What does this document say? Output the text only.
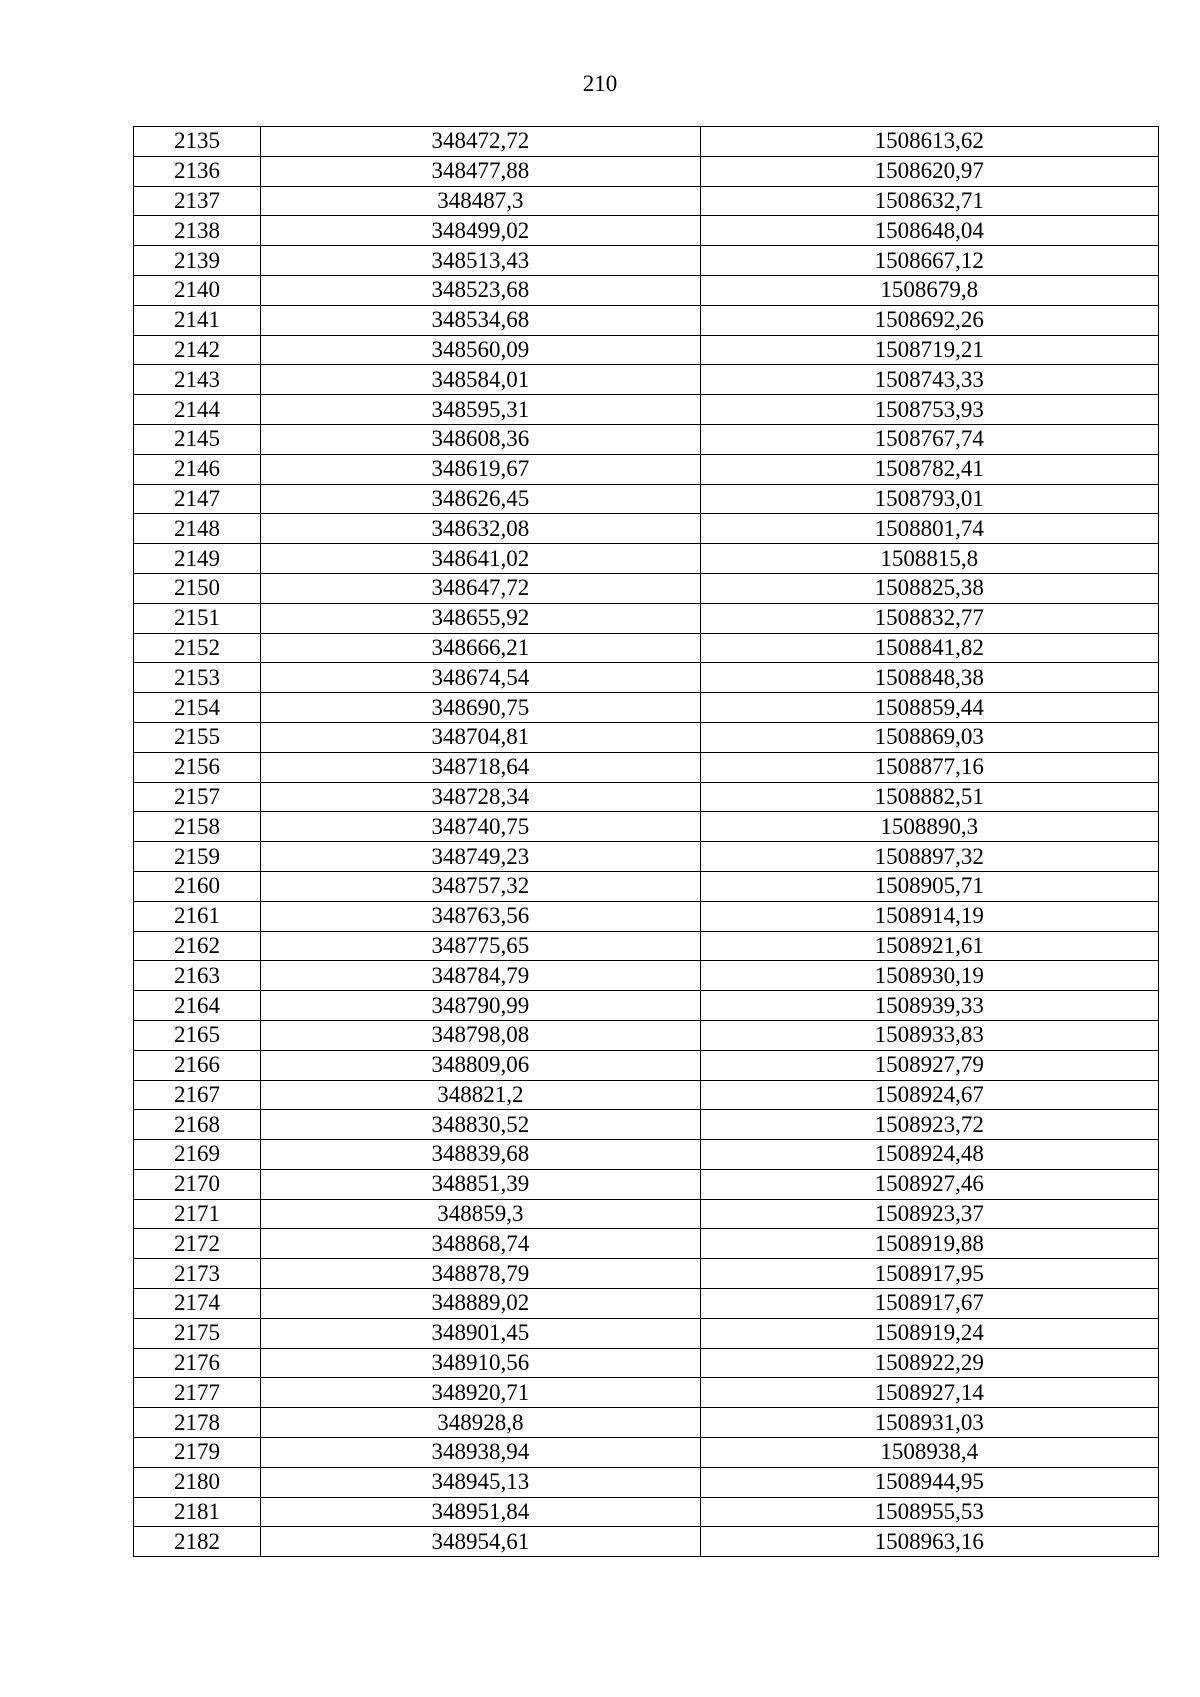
210
2135	348472,72	1508613,62
2136	348477,88	1508620,97
2137	348487,3	1508632,71
2138	348499,02	1508648,04
2139	348513,43	1508667,12
2140	348523,68	1508679,8
2141	348534,68	1508692,26
2142	348560,09	1508719,21
2143	348584,01	1508743,33
2144	348595,31	1508753,93
2145	348608,36	1508767,74
2146	348619,67	1508782,41
2147	348626,45	1508793,01
2148	348632,08	1508801,74
2149	348641,02	1508815,8
2150	348647,72	1508825,38
2151	348655,92	1508832,77
2152	348666,21	1508841,82
2153	348674,54	1508848,38
2154	348690,75	1508859,44
2155	348704,81	1508869,03
2156	348718,64	1508877,16
2157	348728,34	1508882,51
2158	348740,75	1508890,3
2159	348749,23	1508897,32
2160	348757,32	1508905,71
2161	348763,56	1508914,19
2162	348775,65	1508921,61
2163	348784,79	1508930,19
2164	348790,99	1508939,33
2165	348798,08	1508933,83
2166	348809,06	1508927,79
2167	348821,2	1508924,67
2168	348830,52	1508923,72
2169	348839,68	1508924,48
2170	348851,39	1508927,46
2171	348859,3	1508923,37
2172	348868,74	1508919,88
2173	348878,79	1508917,95
2174	348889,02	1508917,67
2175	348901,45	1508919,24
2176	348910,56	1508922,29
2177	348920,71	1508927,14
2178	348928,8	1508931,03
2179	348938,94	1508938,4
2180	348945,13	1508944,95
2181	348951,84	1508955,53
2182	348954,61	1508963,16
